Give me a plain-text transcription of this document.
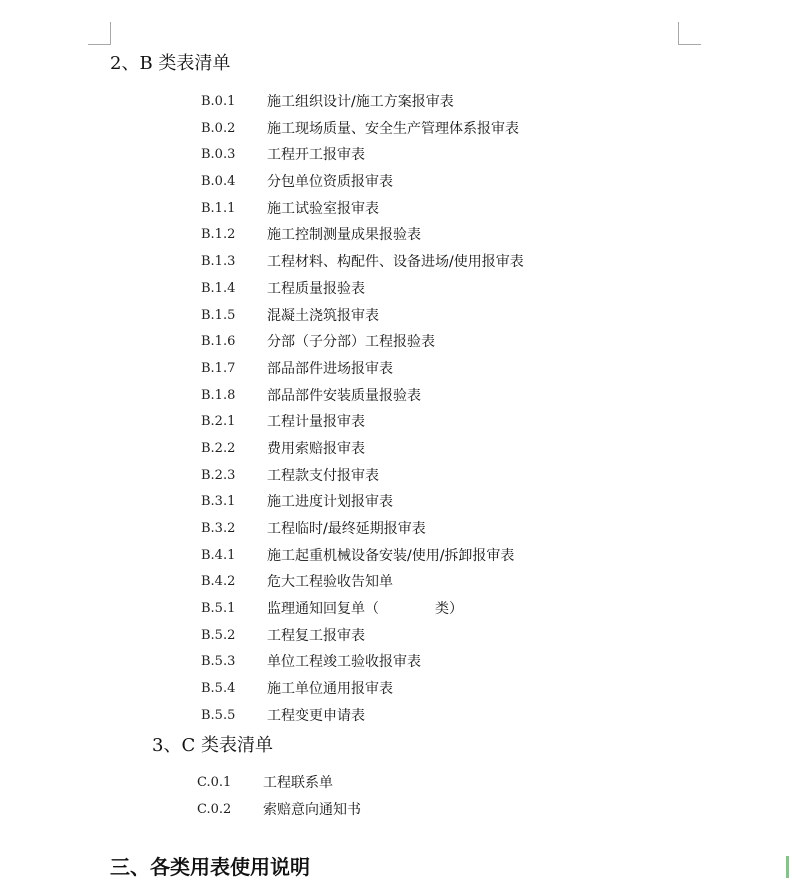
2、B 类表清单
B.0.1 施工组织设计/施工方案报审表
B.0.2 施工现场质量、安全生产管理体系报审表
B.0.3 工程开工报审表
B.0.4 分包单位资质报审表
B.1.1 施工试验室报审表
B.1.2 施工控制测量成果报验表
B.1.3 工程材料、构配件、设备进场/使用报审表
B.1.4 工程质量报验表
B.1.5 混凝土浇筑报审表
B.1.6 分部（子分部）工程报验表
B.1.7 部品部件进场报审表
B.1.8 部品部件安装质量报验表
B.2.1 工程计量报审表
B.2.2 费用索赔报审表
B.2.3 工程款支付报审表
B.3.1 施工进度计划报审表
B.3.2 工程临时/最终延期报审表
B.4.1 施工起重机械设备安装/使用/拆卸报审表
B.4.2 危大工程验收告知单
B.5.1 监理通知回复单（　　　　类）
B.5.2 工程复工报审表
B.5.3 单位工程竣工验收报审表
B.5.4 施工单位通用报审表
B.5.5 工程变更申请表
3、C 类表清单
C.0.1 工程联系单
C.0.2 索赔意向通知书
三、各类用表使用说明
